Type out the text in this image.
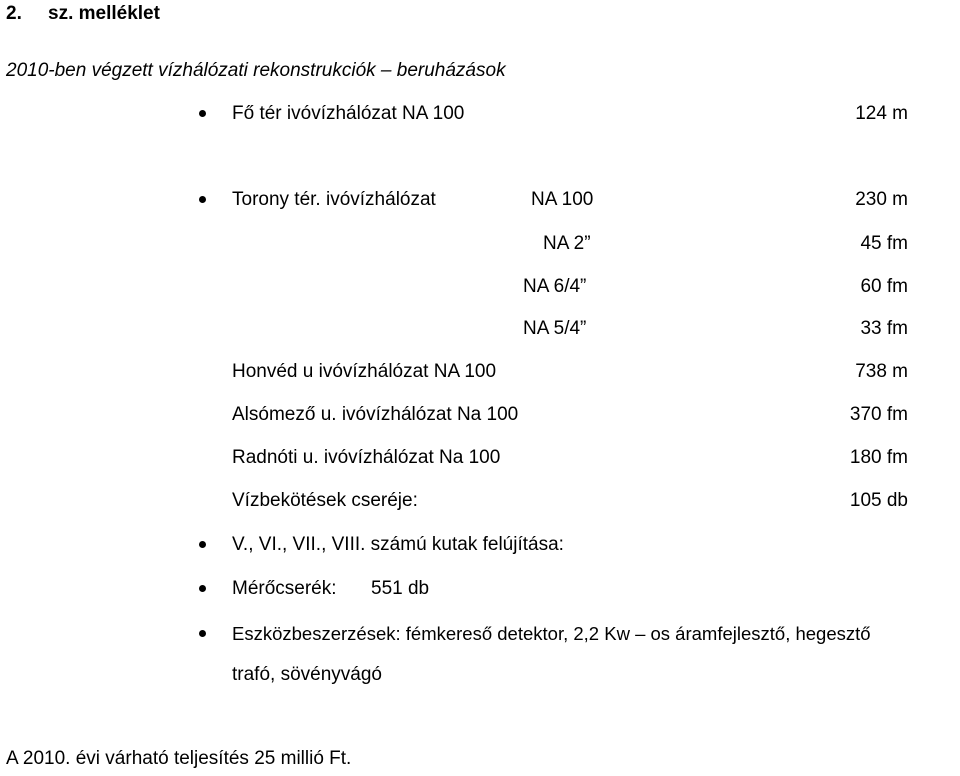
2. sz. melléklet
2010-ben végzett vízhálózati rekonstrukciók – beruházások
Fő tér ivóvízhálózat NA 100	124 m
Torony tér. ivóvízhálózat	NA 100	230 m
NA 2”	45 fm
NA 6/4”	60 fm
NA 5/4”	33 fm
Honvéd u ivóvízhálózat NA 100	738 m
Alsómező u. ivóvízhálózat Na 100	370 fm
Radnóti u. ivóvízhálózat Na 100	180 fm
Vízbekötések cseréje:	105 db
V., VI., VII., VIII. számú kutak felújítása:
Mérőcserék: 551 db
Eszközbeszerzések: fémkereső detektor, 2,2 Kw – os áramfejlesztő, hegesztő
trafó, sövényvágó
A 2010. évi várható teljesítés 25 millió Ft.
